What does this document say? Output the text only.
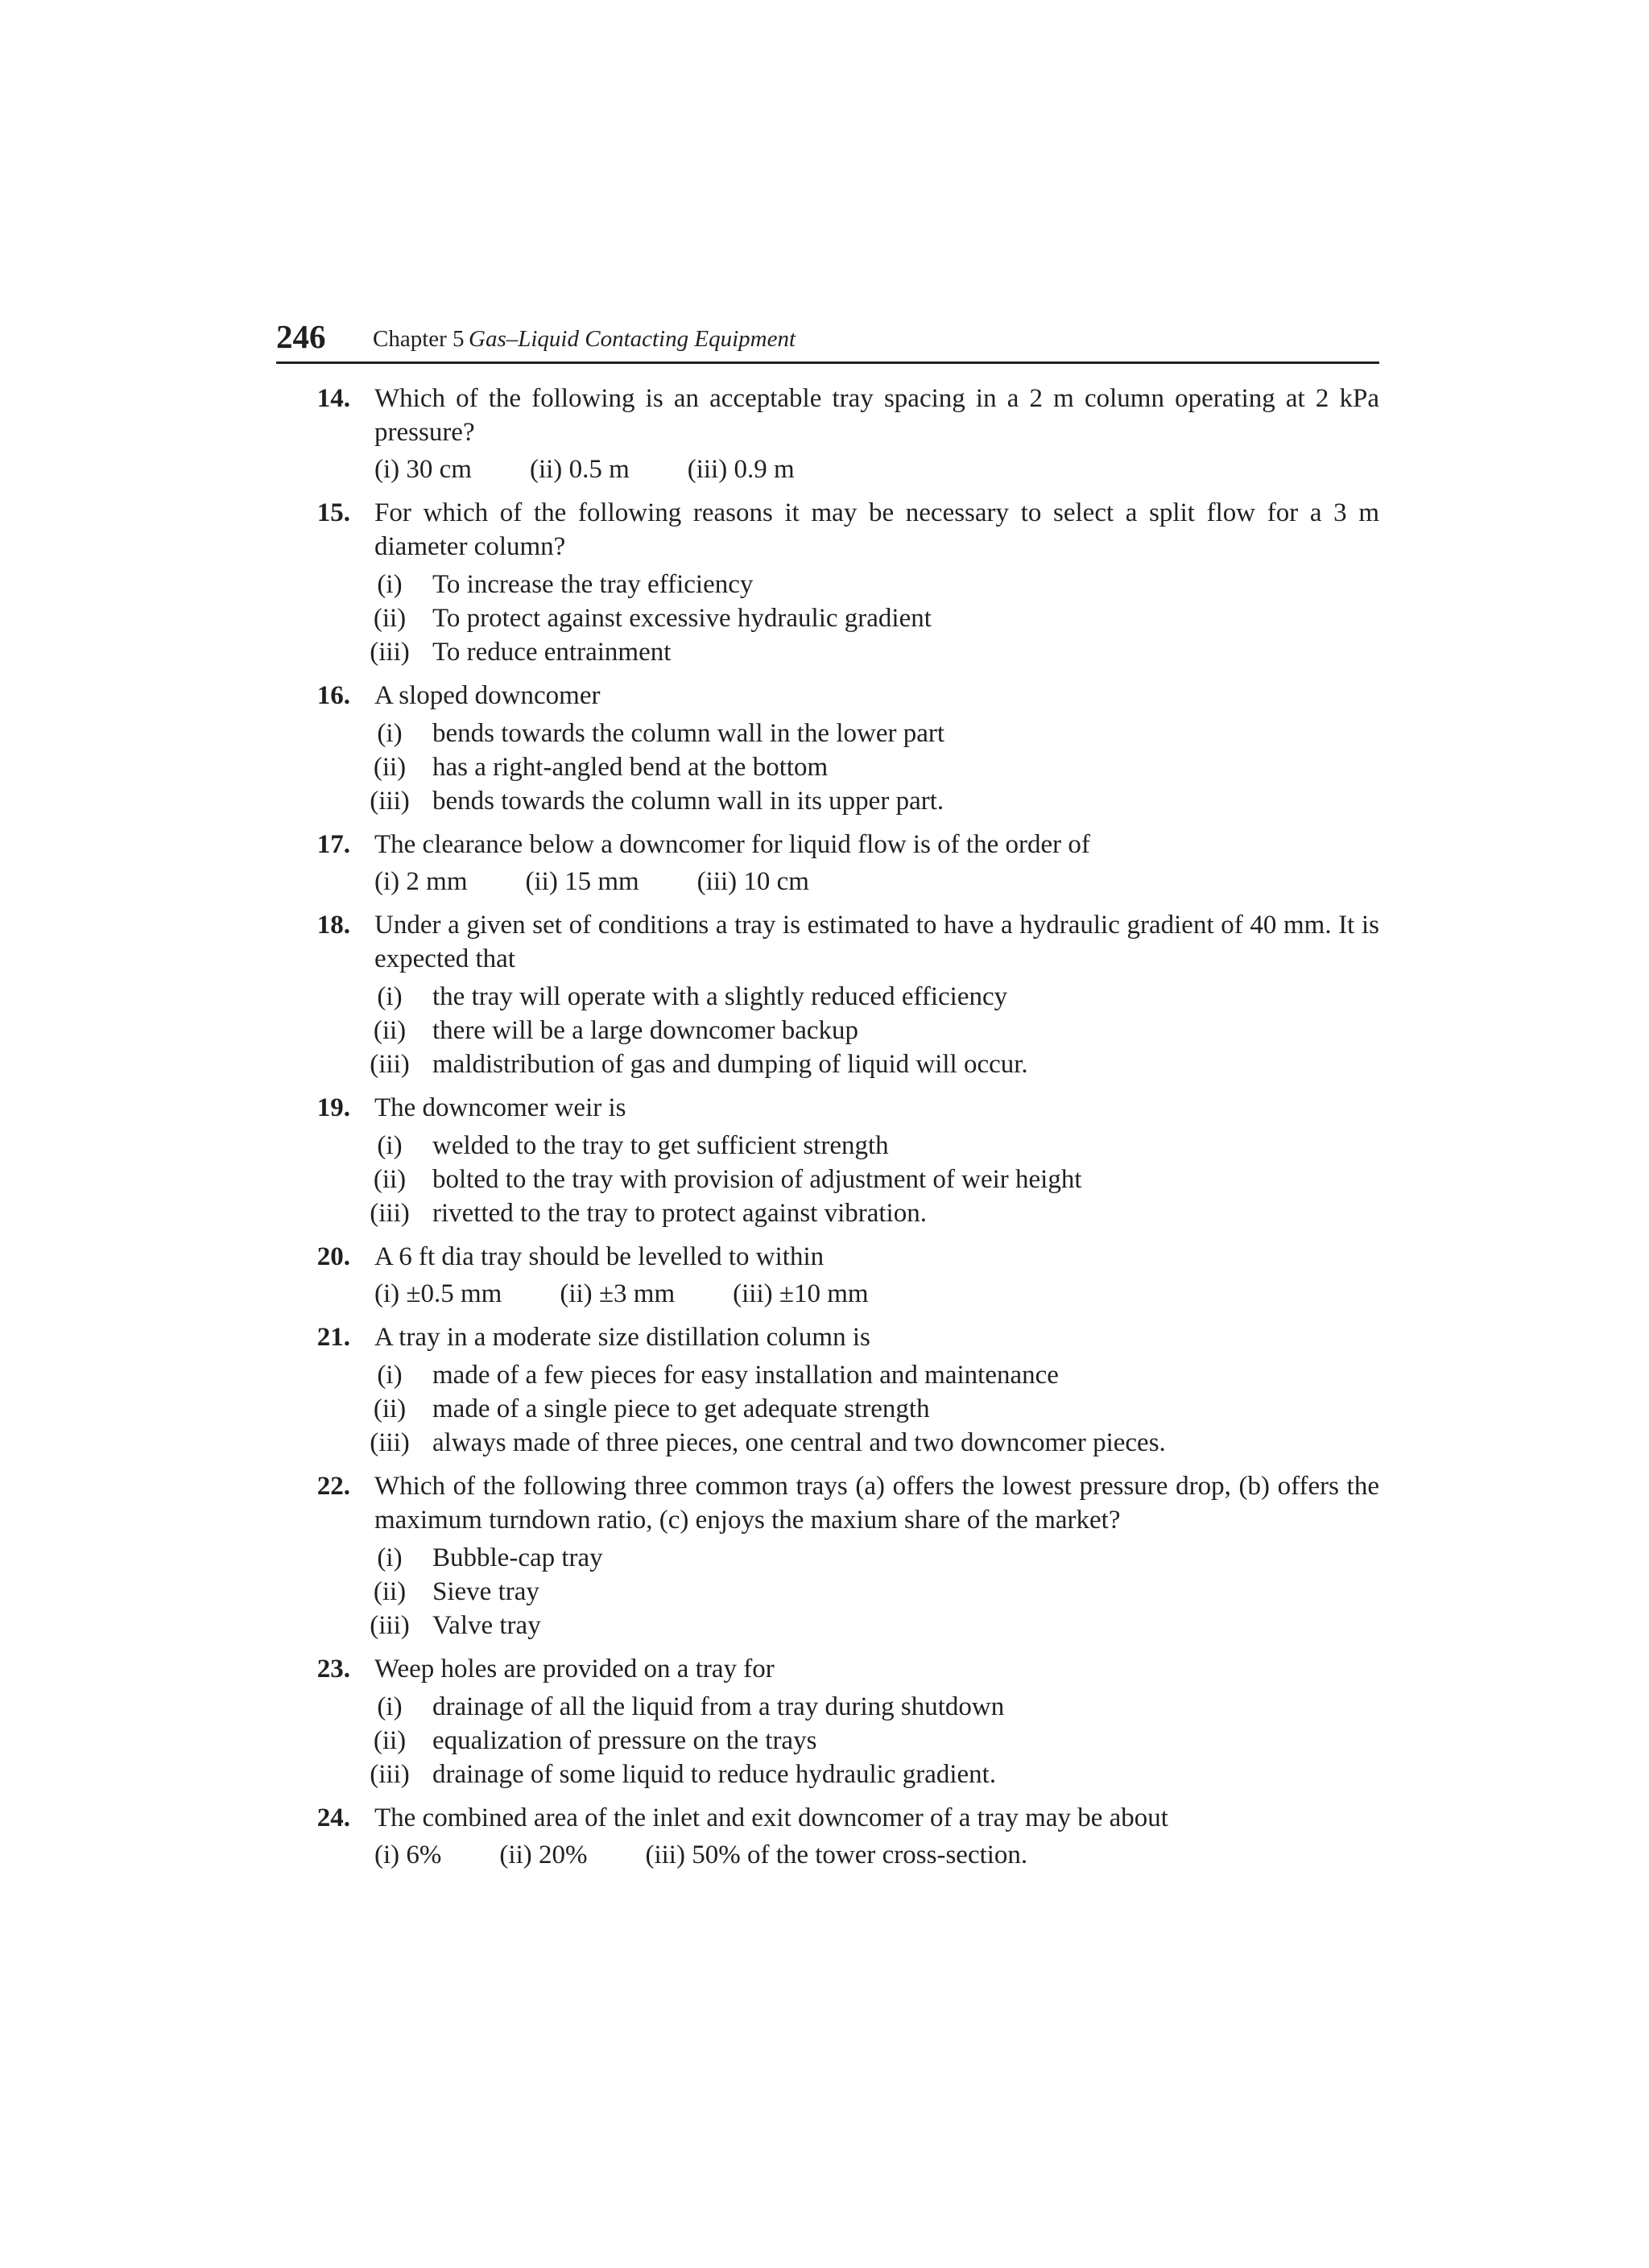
246 Chapter 5 Gas–Liquid Contacting Equipment
14. Which of the following is an acceptable tray spacing in a 2 m column operating at 2 kPa pressure?
(i) 30 cm (ii) 0.5 m (iii) 0.9 m
15. For which of the following reasons it may be necessary to select a split flow for a 3 m diameter column?
(i)	To increase the tray efficiency
(ii) To protect against excessive hydraulic gradient
(iii) To reduce entrainment
16. A sloped downcomer
(i)	bends towards the column wall in the lower part
(ii) has a right-angled bend at the bottom
(iii) bends towards the column wall in its upper part.
17. The clearance below a downcomer for liquid flow is of the order of
(i) 2 mm (ii) 15 mm (iii) 10 cm
18. Under a given set of conditions a tray is estimated to have a hydraulic gradient of 40 mm. It is expected that
(i)	the tray will operate with a slightly reduced efficiency
(ii) there will be a large downcomer backup
(iii) maldistribution of gas and dumping of liquid will occur.
19. The downcomer weir is
(i)	welded to the tray to get sufficient strength
(ii) bolted to the tray with provision of adjustment of weir height
(iii) rivetted to the tray to protect against vibration.
20. A 6 ft dia tray should be levelled to within
(i) ±0.5 mm (ii) ±3 mm (iii) ±10 mm
21. A tray in a moderate size distillation column is
(i)	made of a few pieces for easy installation and maintenance
(ii) made of a single piece to get adequate strength
(iii) always made of three pieces, one central and two downcomer pieces.
22. Which of the following three common trays (a) offers the lowest pressure drop, (b) offers the maximum turndown ratio, (c) enjoys the maxium share of the market?
(i)	Bubble-cap tray
(ii) Sieve tray
(iii) Valve tray
23. Weep holes are provided on a tray for
(i)	drainage of all the liquid from a tray during shutdown
(ii) equalization of pressure on the trays
(iii) drainage of some liquid to reduce hydraulic gradient.
24. The combined area of the inlet and exit downcomer of a tray may be about
(i) 6% (ii) 20% (iii) 50% of the tower cross-section.
